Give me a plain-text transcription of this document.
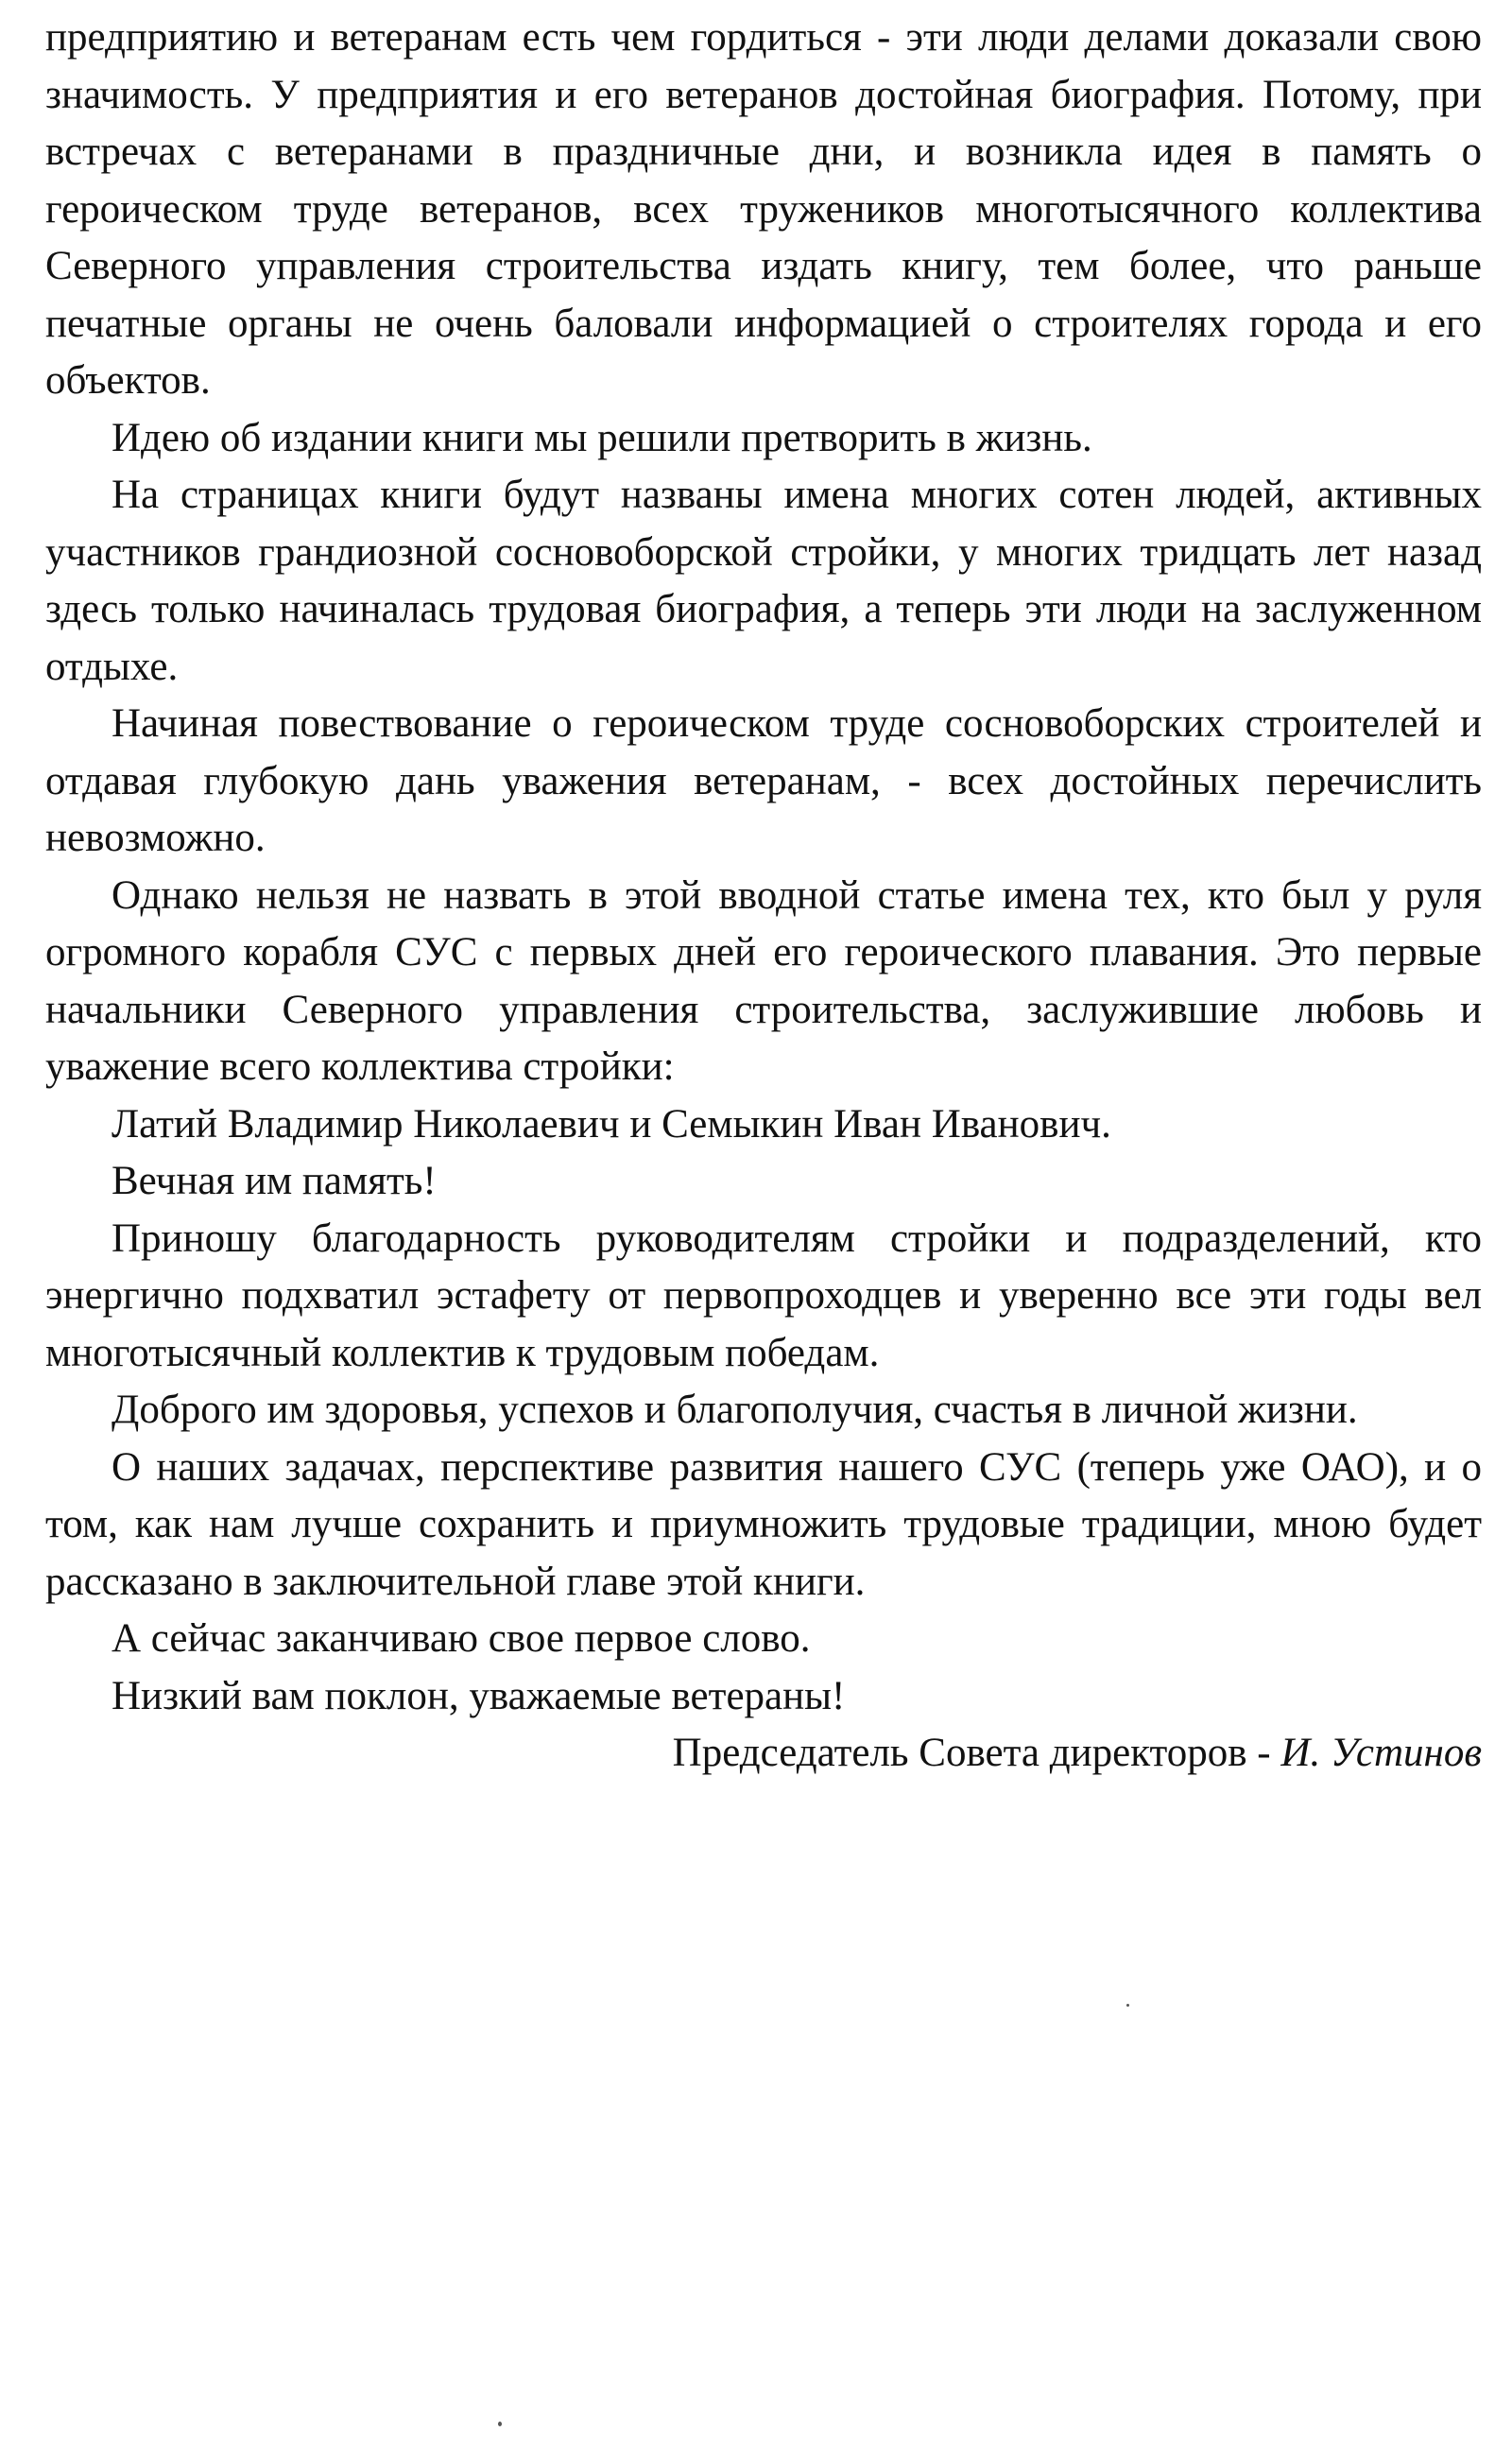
предприятию и ветеранам есть чем гордиться - эти люди делами доказали свою значимость. У предприятия и его ветеранов достойная биография. Потому, при встречах с ветеранами в праздничные дни, и возникла идея в память о героическом труде ветеранов, всех тружеников многотысячного коллектива Северного управления строительства издать книгу, тем более, что раньше печатные органы не очень баловали информацией о строителях города и его объектов.

Идею об издании книги мы решили претворить в жизнь.

На страницах книги будут названы имена многих сотен людей, активных участников грандиозной сосновоборской стройки, у многих тридцать лет назад здесь только начиналась трудовая биография, а теперь эти люди на заслуженном отдыхе.

Начиная повествование о героическом труде сосновоборских строителей и отдавая глубокую дань уважения ветеранам, - всех достойных перечислить невозможно.

Однако нельзя не назвать в этой вводной статье имена тех, кто был у руля огромного корабля СУС с первых дней его героического плавания. Это первые начальники Северного управления строительства, заслужившие любовь и уважение всего коллектива стройки:

Латий Владимир Николаевич и Семыкин Иван Иванович.

Вечная им память!

Приношу благодарность руководителям стройки и подразделений, кто энергично подхватил эстафету от первопроходцев и уверенно все эти годы вел многотысячный коллектив к трудовым победам.

Доброго им здоровья, успехов и благополучия, счастья в личной жизни.

О наших задачах, перспективе развития нашего СУС (теперь уже ОАО), и о том, как нам лучше сохранить и приумножить трудовые традиции, мною будет рассказано в заключительной главе этой книги.

А сейчас заканчиваю свое первое слово.

Низкий вам поклон, уважаемые ветераны!

Председатель Совета директоров - И. Устинов
